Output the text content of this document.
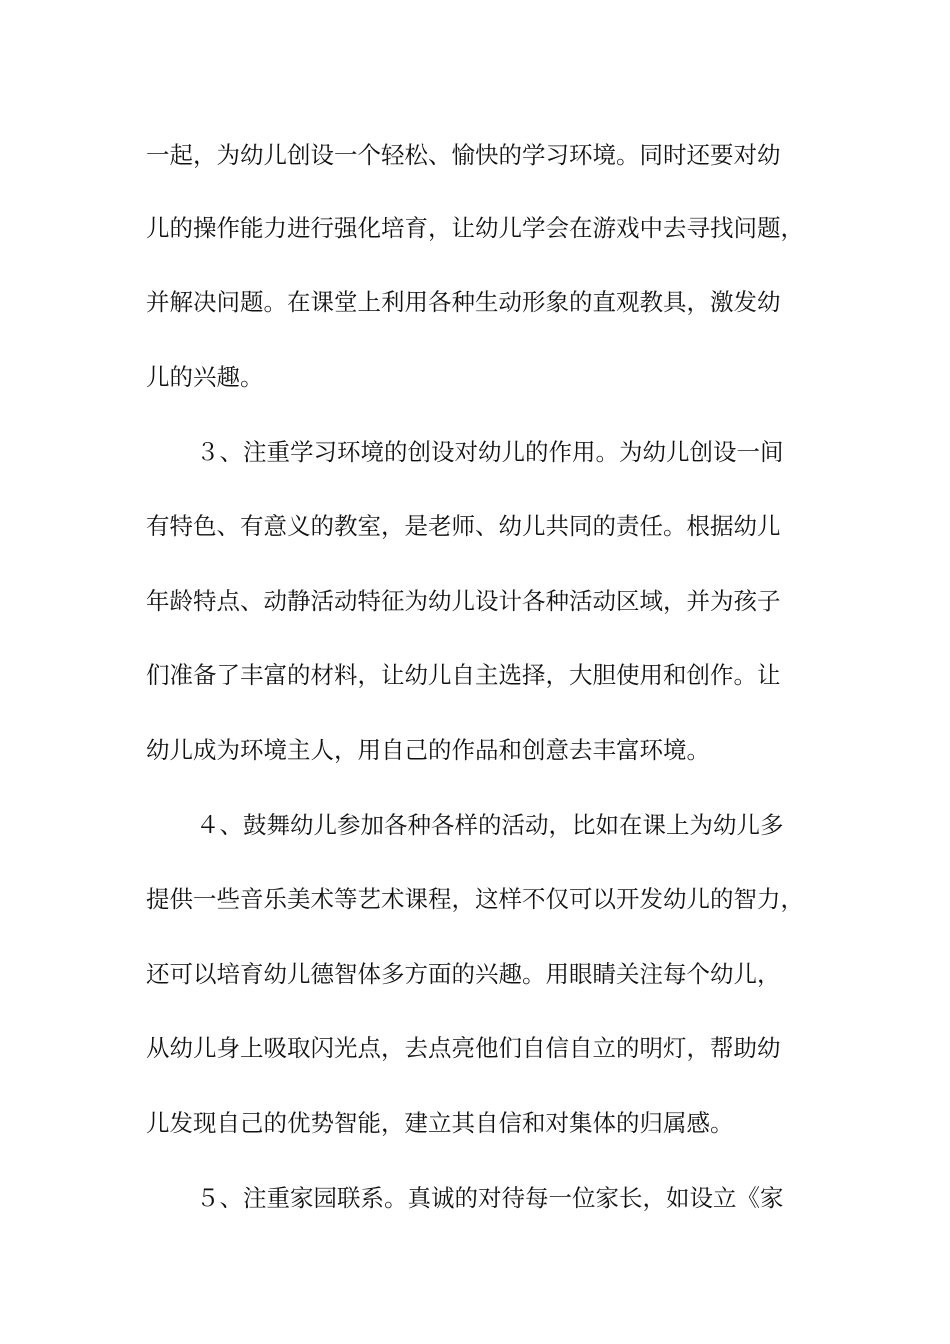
一起，为幼儿创设一个轻松、愉快的学习环境。同时还要对幼
儿的操作能力进行强化培育，让幼儿学会在游戏中去寻找问题，
并解决问题。在课堂上利用各种生动形象的直观教具，激发幼
儿的兴趣。
３、注重学习环境的创设对幼儿的作用。为幼儿创设一间
有特色、有意义的教室，是老师、幼儿共同的责任。根据幼儿
年龄特点、动静活动特征为幼儿设计各种活动区域，并为孩子
们准备了丰富的材料，让幼儿自主选择，大胆使用和创作。让
幼儿成为环境主人，用自己的作品和创意去丰富环境。
４、鼓舞幼儿参加各种各样的活动，比如在课上为幼儿多
提供一些音乐美术等艺术课程，这样不仅可以开发幼儿的智力，
还可以培育幼儿德智体多方面的兴趣。用眼睛关注每个幼儿，
从幼儿身上吸取闪光点，去点亮他们自信自立的明灯，帮助幼
儿发现自己的优势智能，建立其自信和对集体的归属感。
５、注重家园联系。真诚的对待每一位家长，如设立《家
